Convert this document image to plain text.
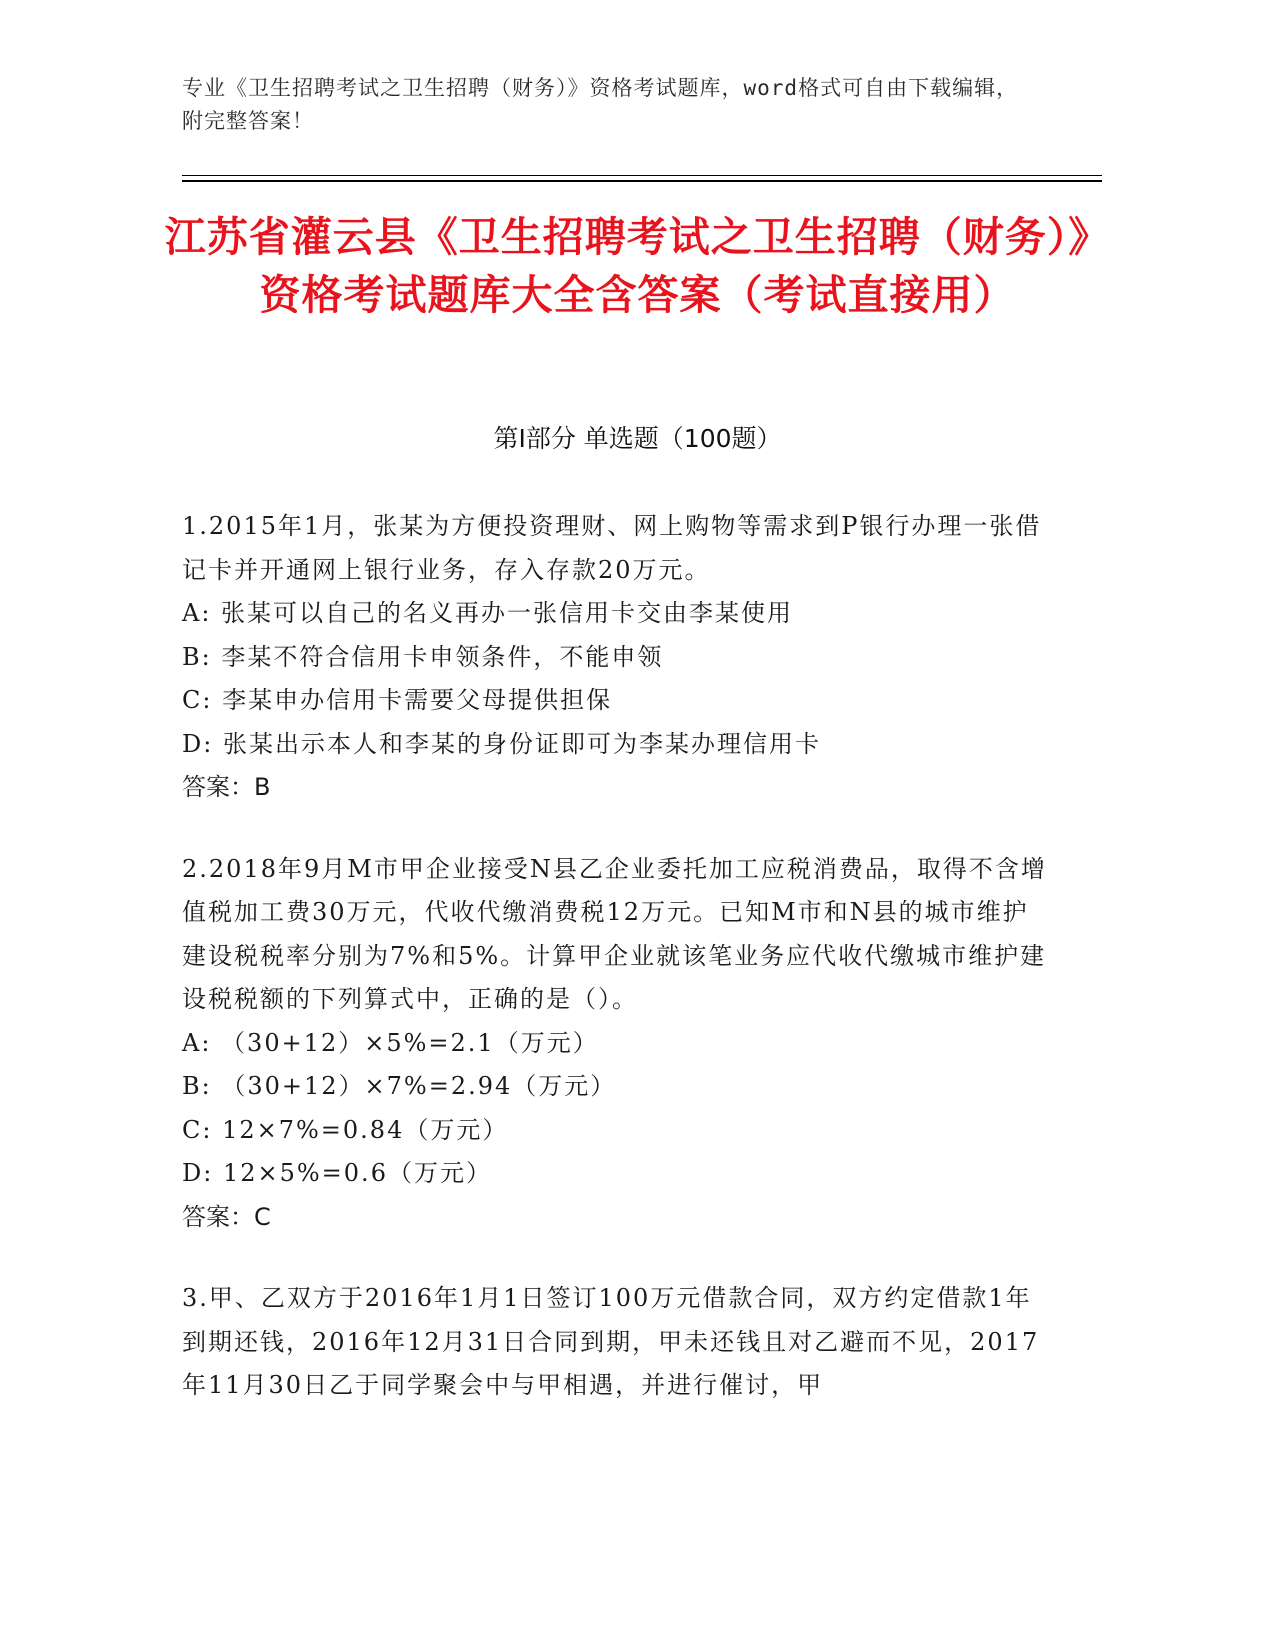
专业《卫生招聘考试之卫生招聘（财务）》资格考试题库，word格式可自由下载编辑，附完整答案！
江苏省灌云县《卫生招聘考试之卫生招聘（财务）》资格考试题库大全含答案（考试直接用）
第Ⅰ部分 单选题（100题）

1.2015年1月，张某为方便投资理财、网上购物等需求到P银行办理一张借记卡并开通网上银行业务，存入存款20万元。

A: 张某可以自己的名义再办一张信用卡交由李某使用

B: 李某不符合信用卡申领条件，不能申领

C: 李某申办信用卡需要父母提供担保

D: 张某出示本人和李某的身份证即可为李某办理信用卡

答案：B

2.2018年9月M市甲企业接受N县乙企业委托加工应税消费品，取得不含增值税加工费30万元，代收代缴消费税12万元。已知M市和N县的城市维护建设税税率分别为7%和5%。计算甲企业就该笔业务应代收代缴城市维护建设税税额的下列算式中，正确的是（）。

A: （30+12）×5%=2.1（万元）

B: （30+12）×7%=2.94（万元）

C: 12×7%=0.84（万元）

D: 12×5%=0.6（万元）

答案：C

3.甲、乙双方于2016年1月1日签订100万元借款合同，双方约定借款1年到期还钱，2016年12月31日合同到期，甲未还钱且对乙避而不见，2017年11月30日乙于同学聚会中与甲相遇，并进行催讨，甲
